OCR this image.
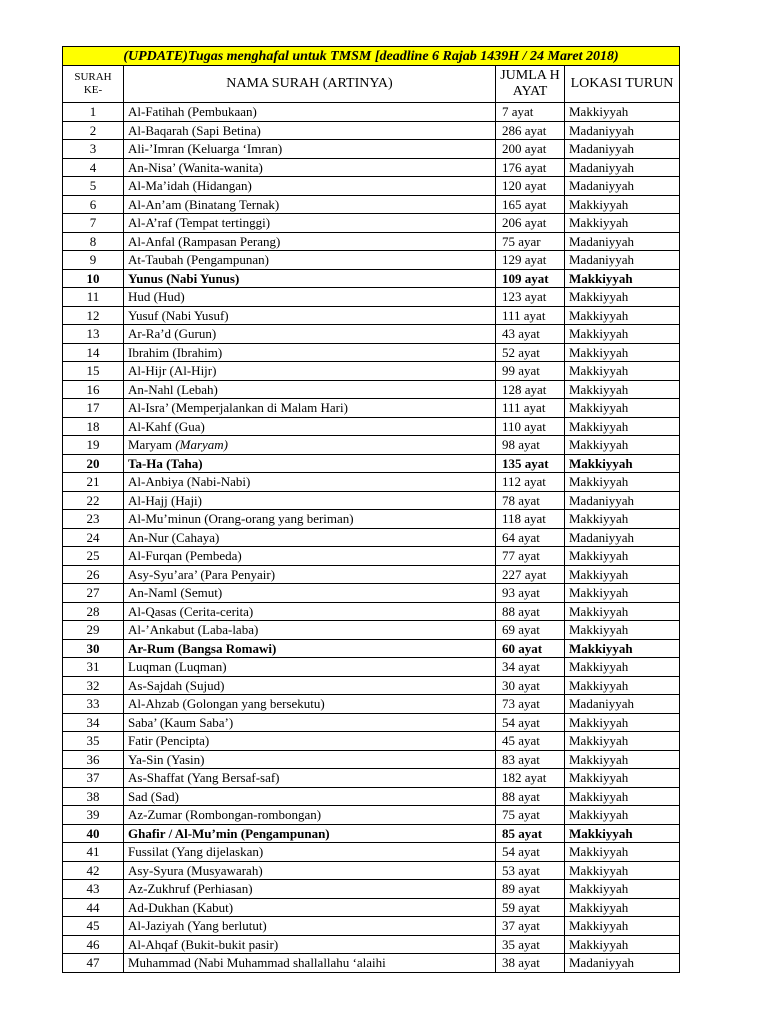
(UPDATE)Tugas menghafal untuk TMSM [deadline 6 Rajab 1439H / 24 Maret 2018)			
SURAH KE-	NAMA SURAH (ARTINYA)	JUMLA H AYAT	LOKASI TURUN
1	Al-Fatihah (Pembukaan)	7 ayat	Makkiyyah
2	Al-Baqarah (Sapi Betina)	286 ayat	Madaniyyah
3	Ali-’Imran (Keluarga ‘Imran)	200 ayat	Madaniyyah
4	An-Nisa’ (Wanita-wanita)	176 ayat	Madaniyyah
5	Al-Ma’idah (Hidangan)	120 ayat	Madaniyyah
6	Al-An’am (Binatang Ternak)	165 ayat	Makkiyyah
7	Al-A’raf (Tempat tertinggi)	206 ayat	Makkiyyah
8	Al-Anfal (Rampasan Perang)	75 ayar	Madaniyyah
9	At-Taubah (Pengampunan)	129 ayat	Madaniyyah
10	Yunus (Nabi Yunus)	109 ayat	Makkiyyah
11	Hud (Hud)	123 ayat	Makkiyyah
12	Yusuf (Nabi Yusuf)	111 ayat	Makkiyyah
13	Ar-Ra’d (Gurun)	43 ayat	Makkiyyah
14	Ibrahim (Ibrahim)	52 ayat	Makkiyyah
15	Al-Hijr (Al-Hijr)	99 ayat	Makkiyyah
16	An-Nahl (Lebah)	128 ayat	Makkiyyah
17	Al-Isra’ (Memperjalankan di Malam Hari)	111 ayat	Makkiyyah
18	Al-Kahf (Gua)	110 ayat	Makkiyyah
19	Maryam (Maryam)	98 ayat	Makkiyyah
20	Ta-Ha (Taha)	135 ayat	Makkiyyah
21	Al-Anbiya (Nabi-Nabi)	112 ayat	Makkiyyah
22	Al-Hajj (Haji)	78 ayat	Madaniyyah
23	Al-Mu’minun (Orang-orang yang beriman)	118 ayat	Makkiyyah
24	An-Nur (Cahaya)	64 ayat	Madaniyyah
25	Al-Furqan (Pembeda)	77 ayat	Makkiyyah
26	Asy-Syu’ara’ (Para Penyair)	227 ayat	Makkiyyah
27	An-Naml (Semut)	93 ayat	Makkiyyah
28	Al-Qasas (Cerita-cerita)	88 ayat	Makkiyyah
29	Al-’Ankabut (Laba-laba)	69 ayat	Makkiyyah
30	Ar-Rum (Bangsa Romawi)	60 ayat	Makkiyyah
31	Luqman (Luqman)	34 ayat	Makkiyyah
32	As-Sajdah (Sujud)	30 ayat	Makkiyyah
33	Al-Ahzab (Golongan yang bersekutu)	73 ayat	Madaniyyah
34	Saba’ (Kaum Saba’)	54 ayat	Makkiyyah
35	Fatir (Pencipta)	45 ayat	Makkiyyah
36	Ya-Sin (Yasin)	83 ayat	Makkiyyah
37	As-Shaffat (Yang Bersaf-saf)	182 ayat	Makkiyyah
38	Sad (Sad)	88 ayat	Makkiyyah
39	Az-Zumar (Rombongan-rombongan)	75 ayat	Makkiyyah
40	Ghafir / Al-Mu’min (Pengampunan)	85 ayat	Makkiyyah
41	Fussilat (Yang dijelaskan)	54 ayat	Makkiyyah
42	Asy-Syura (Musyawarah)	53 ayat	Makkiyyah
43	Az-Zukhruf (Perhiasan)	89 ayat	Makkiyyah
44	Ad-Dukhan (Kabut)	59 ayat	Makkiyyah
45	Al-Jaziyah (Yang berlutut)	37 ayat	Makkiyyah
46	Al-Ahqaf (Bukit-bukit pasir)	35 ayat	Makkiyyah
47	Muhammad (Nabi Muhammad shallallahu ‘alaihi	38 ayat	Madaniyyah
